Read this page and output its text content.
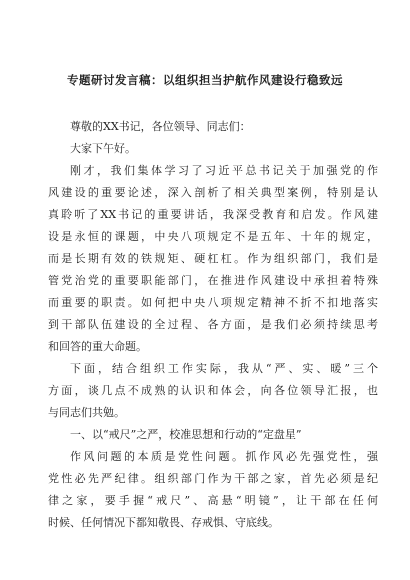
专题研讨发言稿：以组织担当护航作风建设行稳致远
尊敬的XX书记，各位领导、同志们：
大家下午好。
刚才，我们集体学习了习近平总书记关于加强党的作
风建设的重要论述，深入剖析了相关典型案例，特别是认
真聆听了XX书记的重要讲话，我深受教育和启发。作风建
设是永恒的课题，中央八项规定不是五年、十年的规定，
而是长期有效的铁规矩、硬杠杠。作为组织部门，我们是
管党治党的重要职能部门，在推进作风建设中承担着特殊
而重要的职责。如何把中央八项规定精神不折不扣地落实
到干部队伍建设的全过程、各方面，是我们必须持续思考
和回答的重大命题。
下面，结合组织工作实际，我从“严、实、暖”三个
方面，谈几点不成熟的认识和体会，向各位领导汇报，也
与同志们共勉。
一、以“戒尺”之严，校准思想和行动的“定盘星”
作风问题的本质是党性问题。抓作风必先强党性，强
党性必先严纪律。组织部门作为干部之家，首先必须是纪
律之家，要手握“戒尺”、高悬“明镜”，让干部在任何
时候、任何情况下都知敬畏、存戒惧、守底线。
